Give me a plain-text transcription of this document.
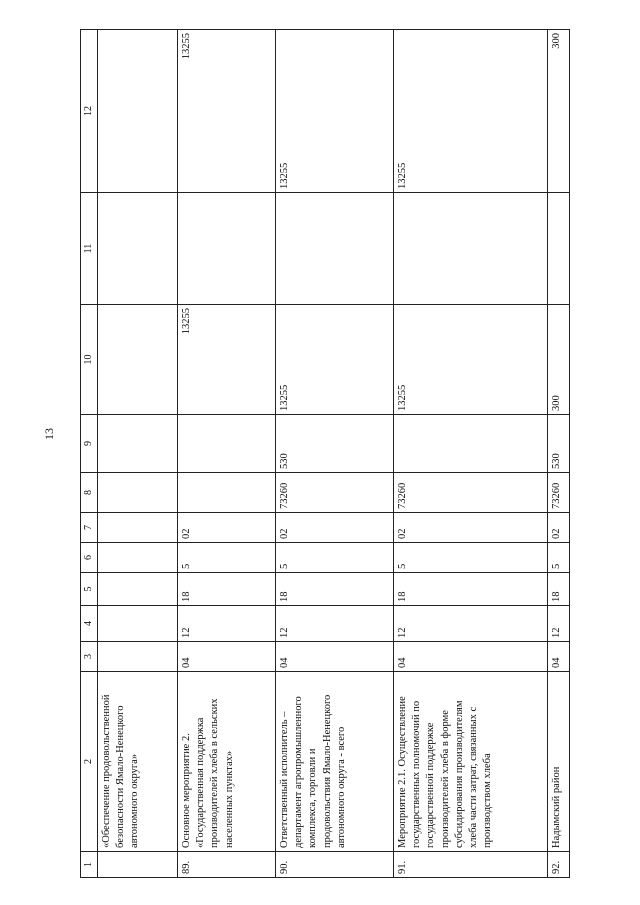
13
1	2	3	4	5	6	7	8	9	10	11	12
	«Обеспечение продовольственной безопасности Ямало-Ненецкого автономного округа»										
89.	Основное мероприятие 2. «Государственная поддержка производителей хлеба в сельских населенных пунктах»	04	12	18	5	02			13255		13255
90.	Ответственный исполнитель – департамент агропромышленного комплекса, торговли и продовольствия Ямало-Ненецкого автономного округа - всего	04	12	18	5	02	73260	530	13255		13255
91.	Мероприятие 2.1. Осуществление государственных полномочий по государственной поддержке производителей хлеба в форме субсидирования производителям хлеба части затрат, связанных с производством хлеба	04	12	18	5	02	73260		13255		13255
92.	Надымский район	04	12	18	5	02	73260	530	300		300
